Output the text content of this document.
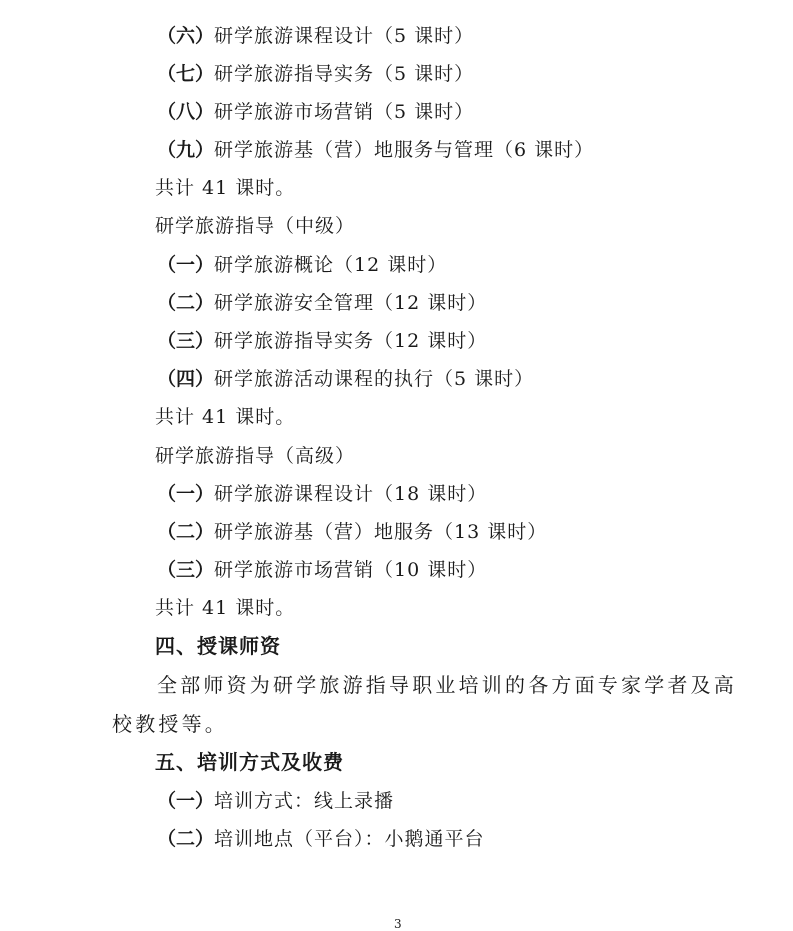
（六）研学旅游课程设计（5 课时）
（七）研学旅游指导实务（5 课时）
（八）研学旅游市场营销（5 课时）
（九）研学旅游基（营）地服务与管理（6 课时）
共计 41 课时。
研学旅游指导（中级）
（一）研学旅游概论（12 课时）
（二）研学旅游安全管理（12 课时）
（三）研学旅游指导实务（12 课时）
（四）研学旅游活动课程的执行（5 课时）
共计 41 课时。
研学旅游指导（高级）
（一）研学旅游课程设计（18 课时）
（二）研学旅游基（营）地服务（13 课时）
（三）研学旅游市场营销（10 课时）
共计 41 课时。
四、授课师资
全部师资为研学旅游指导职业培训的各方面专家学者及高
校教授等。
五、培训方式及收费
（一）培训方式：线上录播
（二）培训地点（平台）：小鹅通平台
3
